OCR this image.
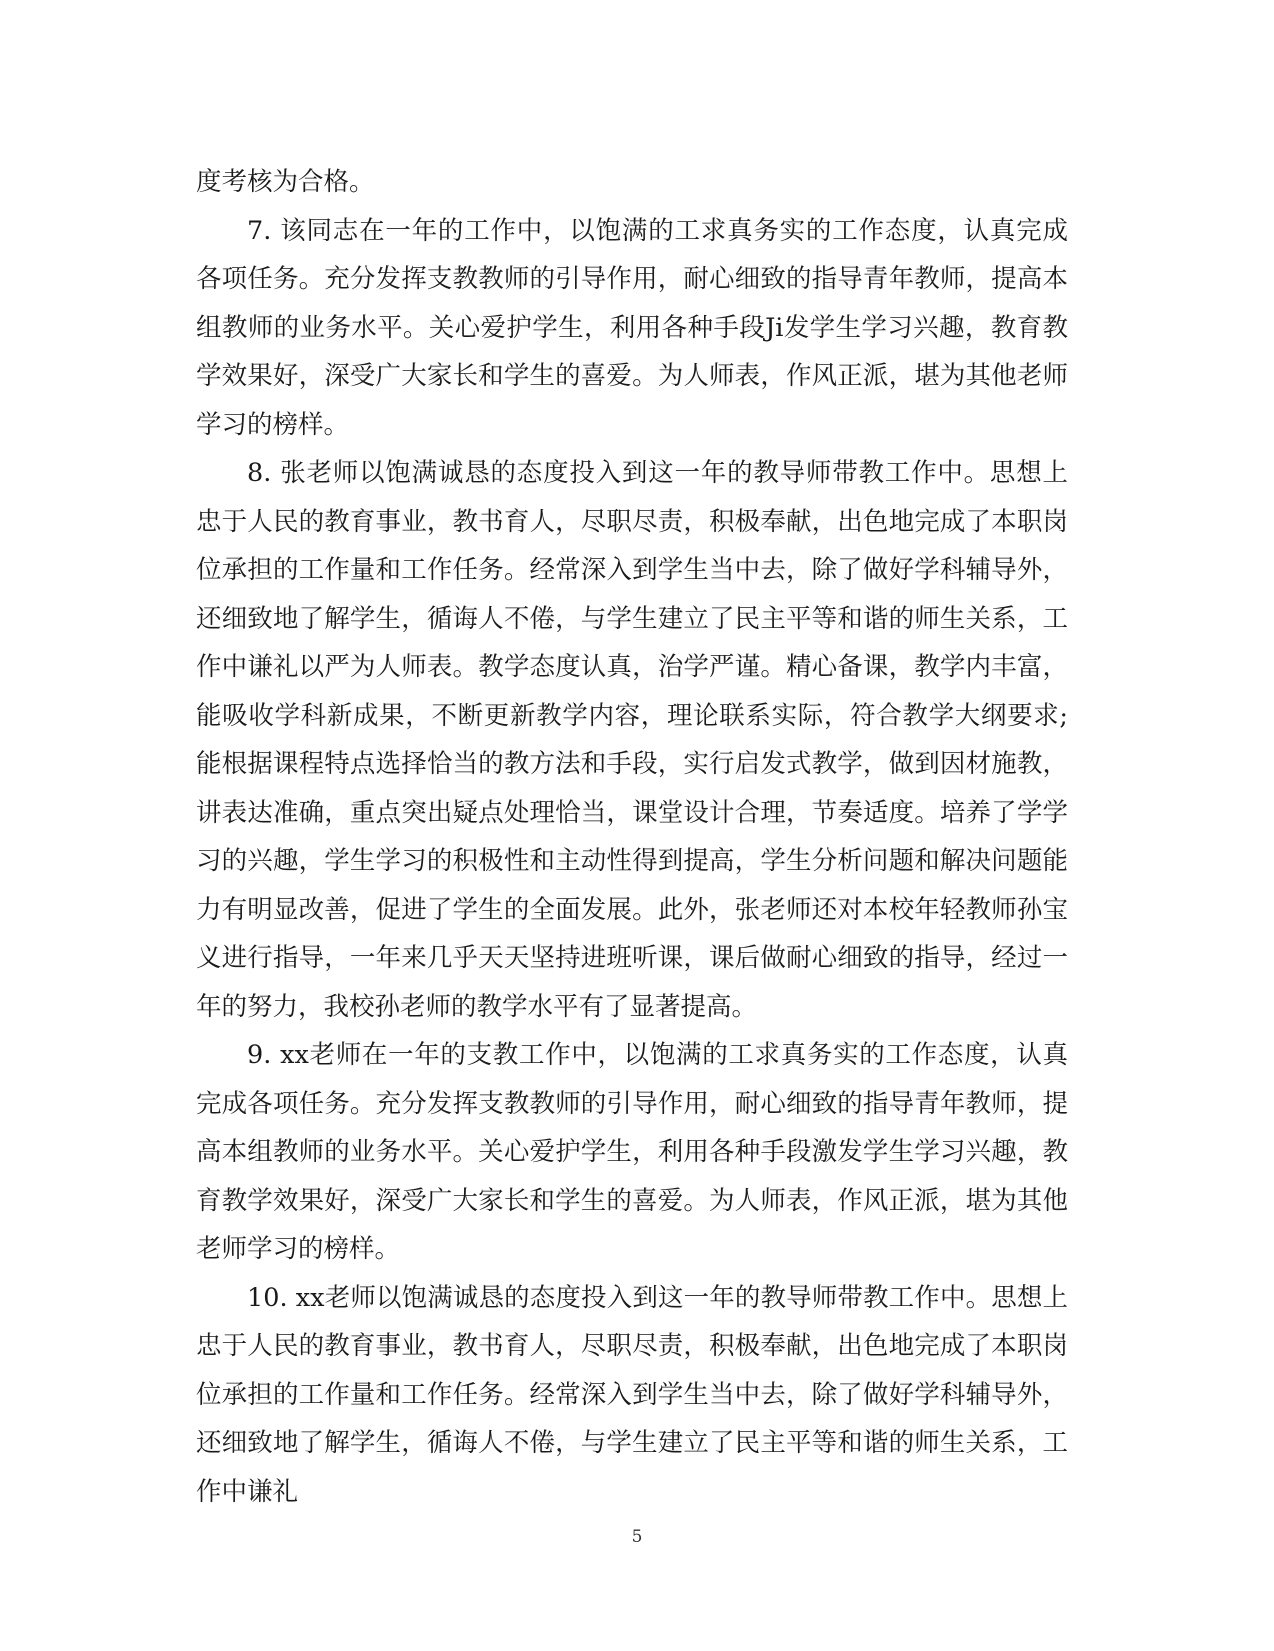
度考核为合格。

7. 该同志在一年的工作中，以饱满的工求真务实的工作态度，认真完成各项任务。充分发挥支教教师的引导作用，耐心细致的指导青年教师，提高本组教师的业务水平。关心爱护学生，利用各种手段Ji发学生学习兴趣，教育教学效果好，深受广大家长和学生的喜爱。为人师表，作风正派，堪为其他老师学习的榜样。

8. 张老师以饱满诚恳的态度投入到这一年的教导师带教工作中。思想上忠于人民的教育事业，教书育人，尽职尽责，积极奉献，出色地完成了本职岗位承担的工作量和工作任务。经常深入到学生当中去，除了做好学科辅导外，还细致地了解学生，循诲人不倦，与学生建立了民主平等和谐的师生关系，工作中谦礼以严为人师表。教学态度认真，治学严谨。精心备课，教学内丰富，能吸收学科新成果，不断更新教学内容，理论联系实际，符合教学大纲要求;能根据课程特点选择恰当的教方法和手段，实行启发式教学，做到因材施教，讲表达准确，重点突出疑点处理恰当，课堂设计合理，节奏适度。培养了学学习的兴趣，学生学习的积极性和主动性得到提高，学生分析问题和解决问题能力有明显改善，促进了学生的全面发展。此外，张老师还对本校年轻教师孙宝义进行指导，一年来几乎天天坚持进班听课，课后做耐心细致的指导，经过一年的努力，我校孙老师的教学水平有了显著提高。

9. xx老师在一年的支教工作中，以饱满的工求真务实的工作态度，认真完成各项任务。充分发挥支教教师的引导作用，耐心细致的指导青年教师，提高本组教师的业务水平。关心爱护学生，利用各种手段激发学生学习兴趣，教育教学效果好，深受广大家长和学生的喜爱。为人师表，作风正派，堪为其他老师学习的榜样。

10. xx老师以饱满诚恳的态度投入到这一年的教导师带教工作中。思想上忠于人民的教育事业，教书育人，尽职尽责，积极奉献，出色地完成了本职岗位承担的工作量和工作任务。经常深入到学生当中去，除了做好学科辅导外，还细致地了解学生，循诲人不倦，与学生建立了民主平等和谐的师生关系，工作中谦礼

5
